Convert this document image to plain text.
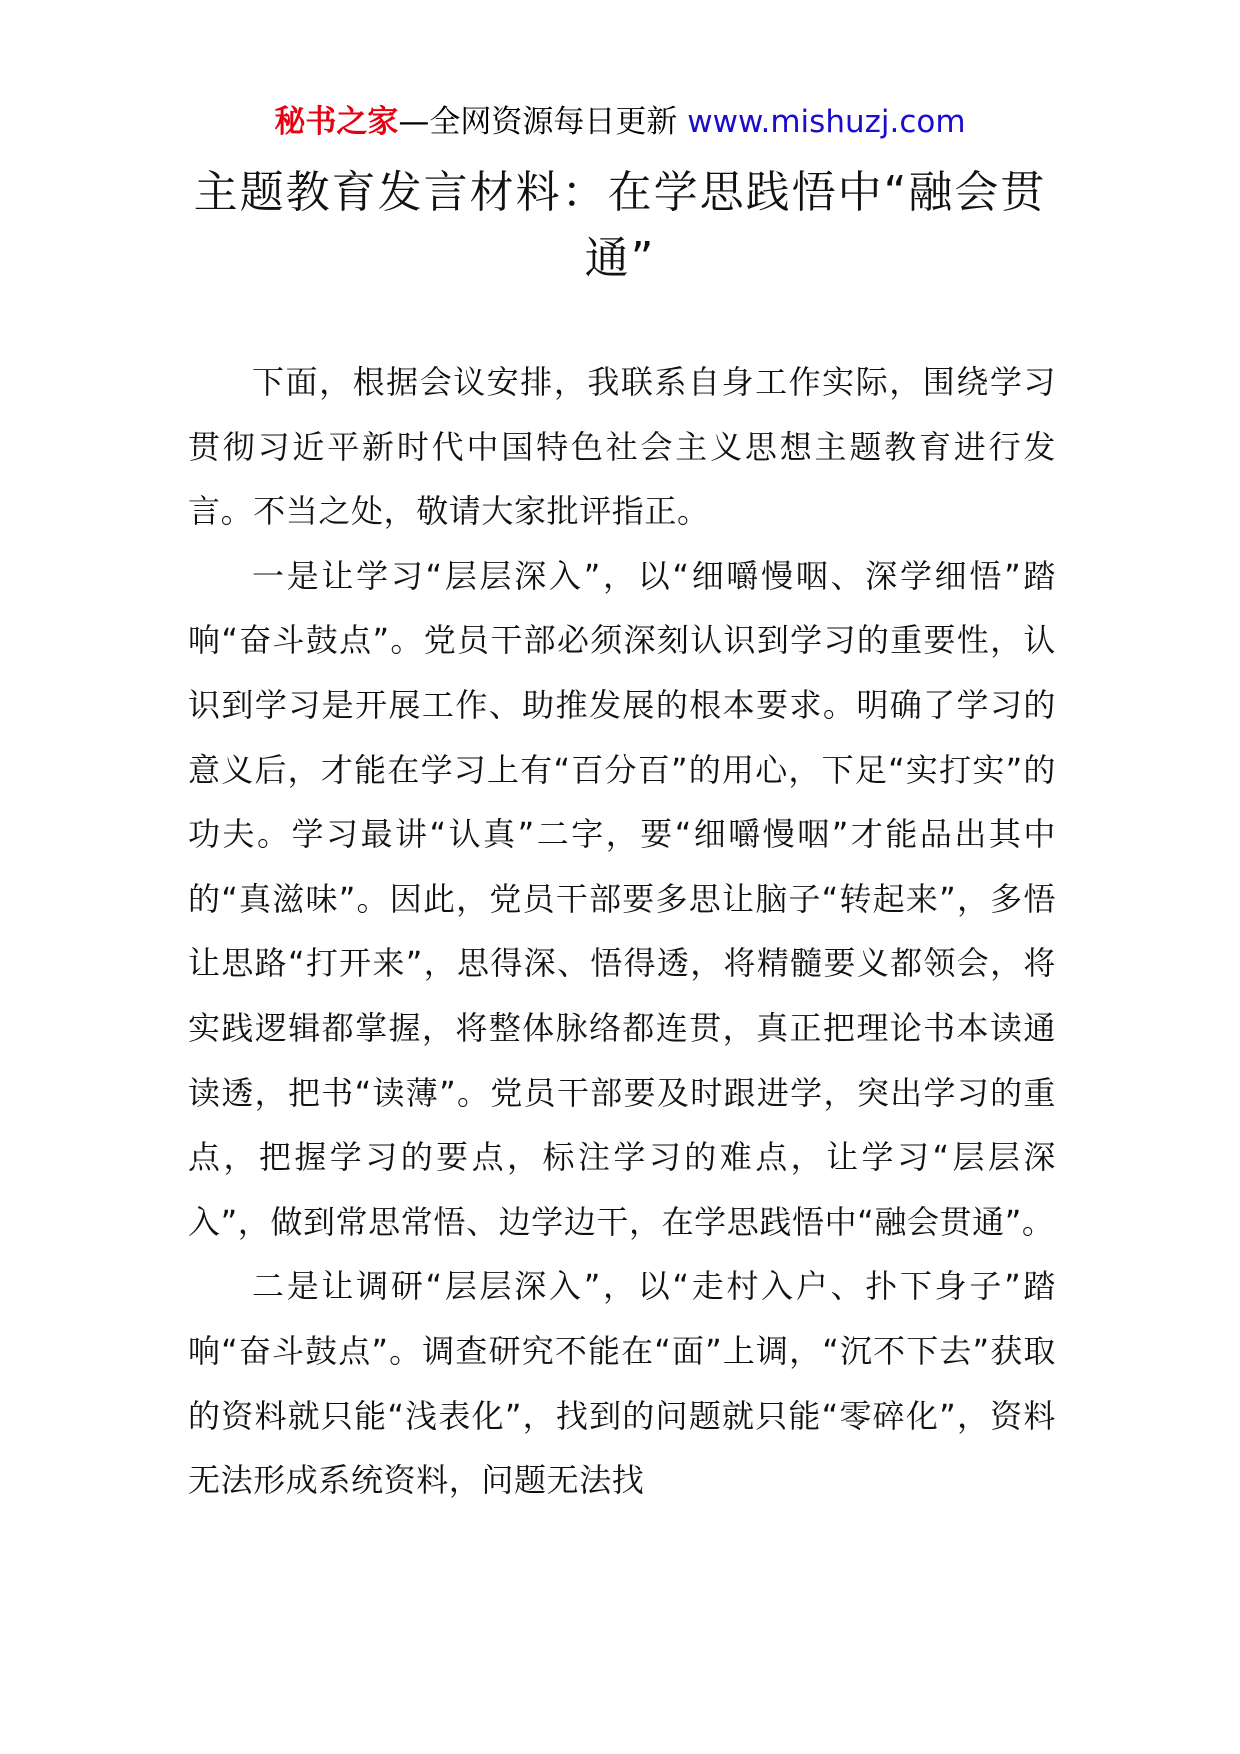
秘书之家—全网资源每日更新 www.mishuzj.com
主题教育发言材料：在学思践悟中“融会贯通”

下面，根据会议安排，我联系自身工作实际，围绕学习贯彻习近平新时代中国特色社会主义思想主题教育进行发言。不当之处，敬请大家批评指正。

一是让学习“层层深入”，以“细嚼慢咽、深学细悟”踏响“奋斗鼓点”。党员干部必须深刻认识到学习的重要性，认识到学习是开展工作、助推发展的根本要求。明确了学习的意义后，才能在学习上有“百分百”的用心，下足“实打实”的功夫。学习最讲“认真”二字，要“细嚼慢咽”才能品出其中的“真滋味”。因此，党员干部要多思让脑子“转起来”，多悟让思路“打开来”，思得深、悟得透，将精髓要义都领会，将实践逻辑都掌握，将整体脉络都连贯，真正把理论书本读通读透，把书“读薄”。党员干部要及时跟进学，突出学习的重点，把握学习的要点，标注学习的难点，让学习“层层深入”，做到常思常悟、边学边干，在学思践悟中“融会贯通”。

二是让调研“层层深入”，以“走村入户、扑下身子”踏响“奋斗鼓点”。调查研究不能在“面”上调，“沉不下去”获取的资料就只能“浅表化”，找到的问题就只能“零碎化”，资料无法形成系统资料，问题无法找
